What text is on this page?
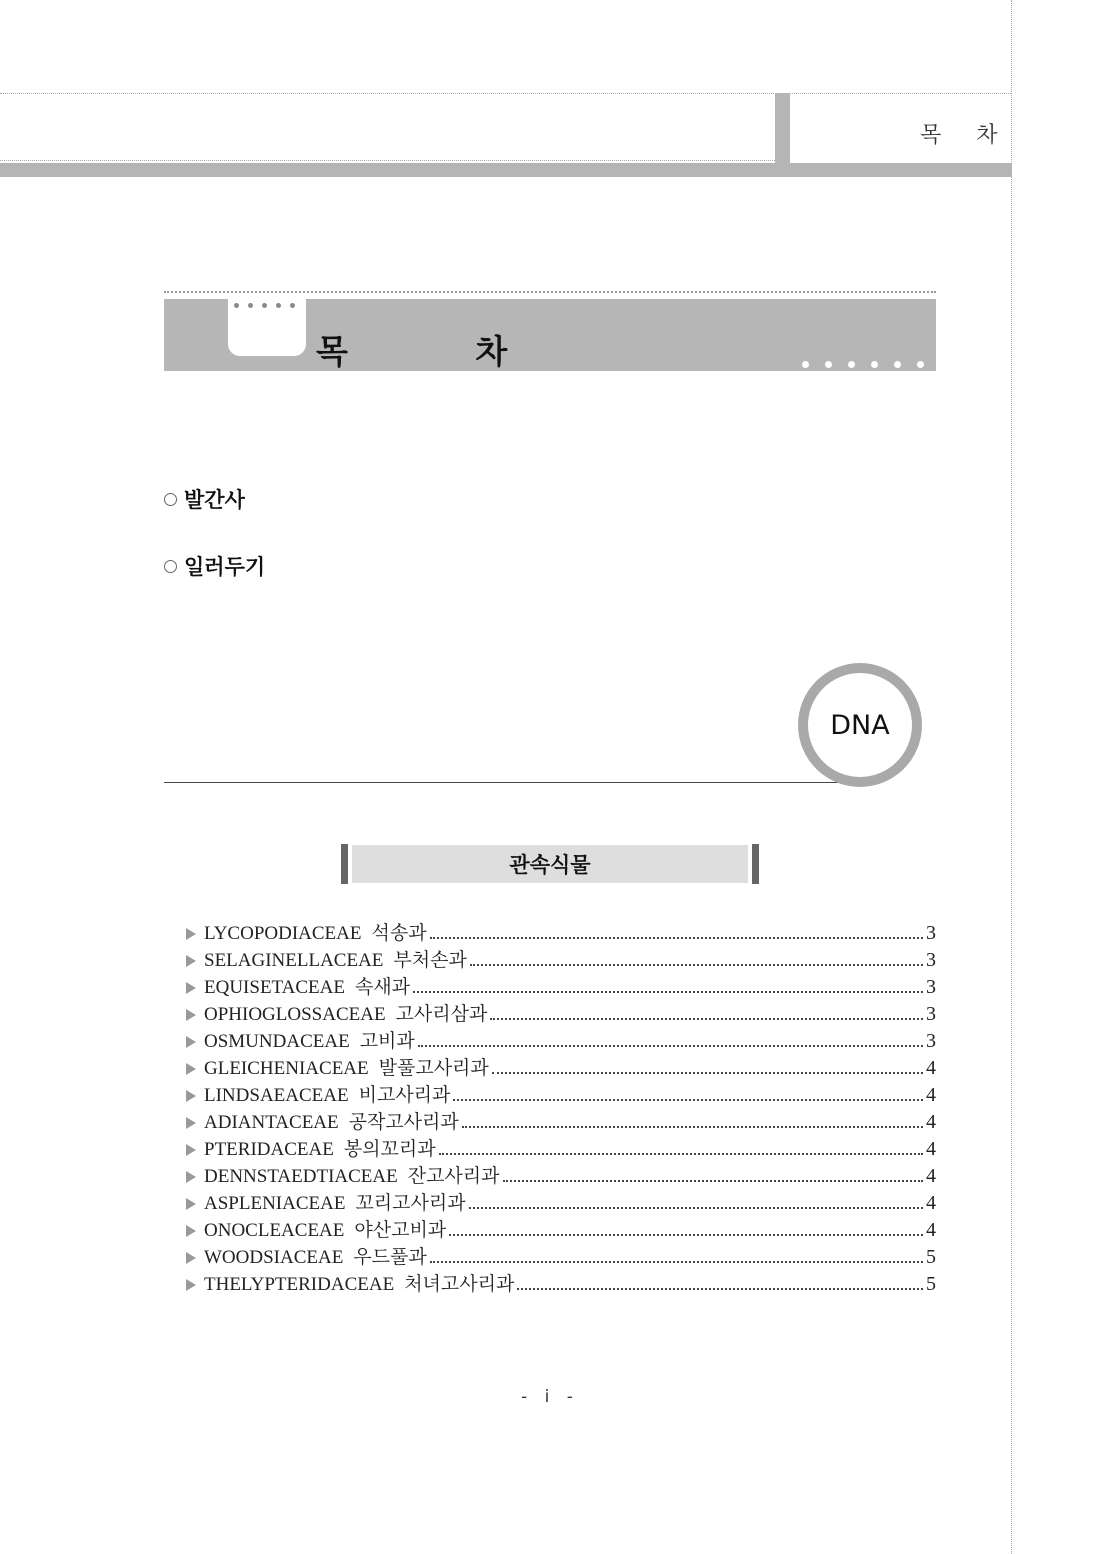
목 차
목 차
발간사
일러두기
DNA
관속식물
LYCOPODIACEAE 석송과	3
SELAGINELLACEAE 부처손과	3
EQUISETACEAE 속새과	3
OPHIOGLOSSACEAE 고사리삼과	3
OSMUNDACEAE 고비과	3
GLEICHENIACEAE 발풀고사리과	4
LINDSAEACEAE 비고사리과	4
ADIANTACEAE 공작고사리과	4
PTERIDACEAE 봉의꼬리과	4
DENNSTAEDTIACEAE 잔고사리과	4
ASPLENIACEAE 꼬리고사리과	4
ONOCLEACEAE 야산고비과	4
WOODSIACEAE 우드풀과	5
THELYPTERIDACEAE 처녀고사리과	5
- i -
